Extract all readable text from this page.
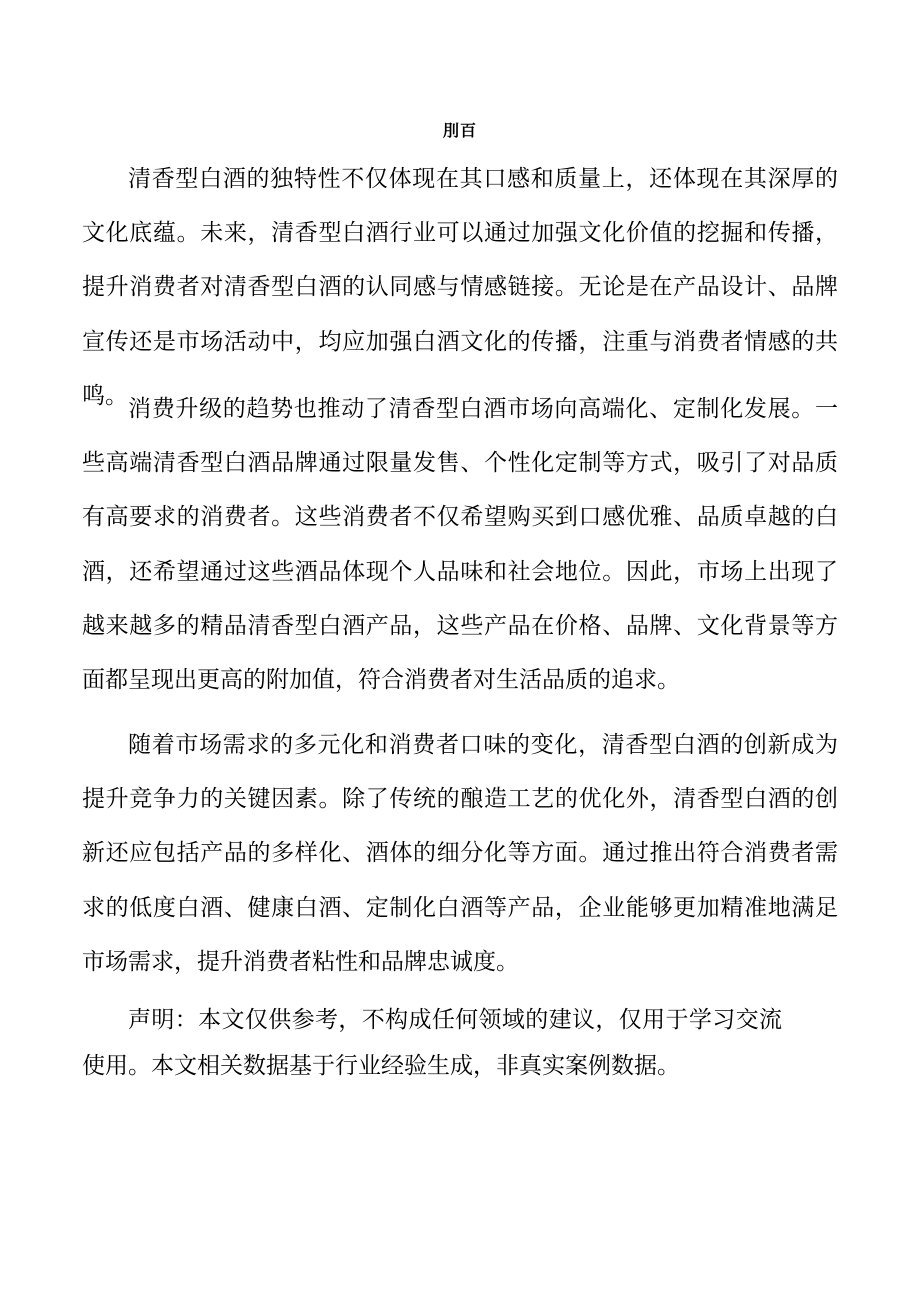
刖百

清香型白酒的独特性不仅体现在其口感和质量上，还体现在其深厚的文化底蕴。未来，清香型白酒行业可以通过加强文化价值的挖掘和传播，提升消费者对清香型白酒的认同感与情感链接。无论是在产品设计、品牌宣传还是市场活动中，均应加强白酒文化的传播，注重与消费者情感的共鸣。

消费升级的趋势也推动了清香型白酒市场向高端化、定制化发展。一些高端清香型白酒品牌通过限量发售、个性化定制等方式，吸引了对品质有高要求的消费者。这些消费者不仅希望购买到口感优雅、品质卓越的白酒，还希望通过这些酒品体现个人品味和社会地位。因此，市场上出现了越来越多的精品清香型白酒产品，这些产品在价格、品牌、文化背景等方面都呈现出更高的附加值，符合消费者对生活品质的追求。

随着市场需求的多元化和消费者口味的变化，清香型白酒的创新成为提升竞争力的关键因素。除了传统的酿造工艺的优化外，清香型白酒的创新还应包括产品的多样化、酒体的细分化等方面。通过推出符合消费者需求的低度白酒、健康白酒、定制化白酒等产品，企业能够更加精准地满足市场需求，提升消费者粘性和品牌忠诚度。

声明：本文仅供参考，不构成任何领域的建议，仅用于学习交流使用。本文相关数据基于行业经验生成，非真实案例数据。
